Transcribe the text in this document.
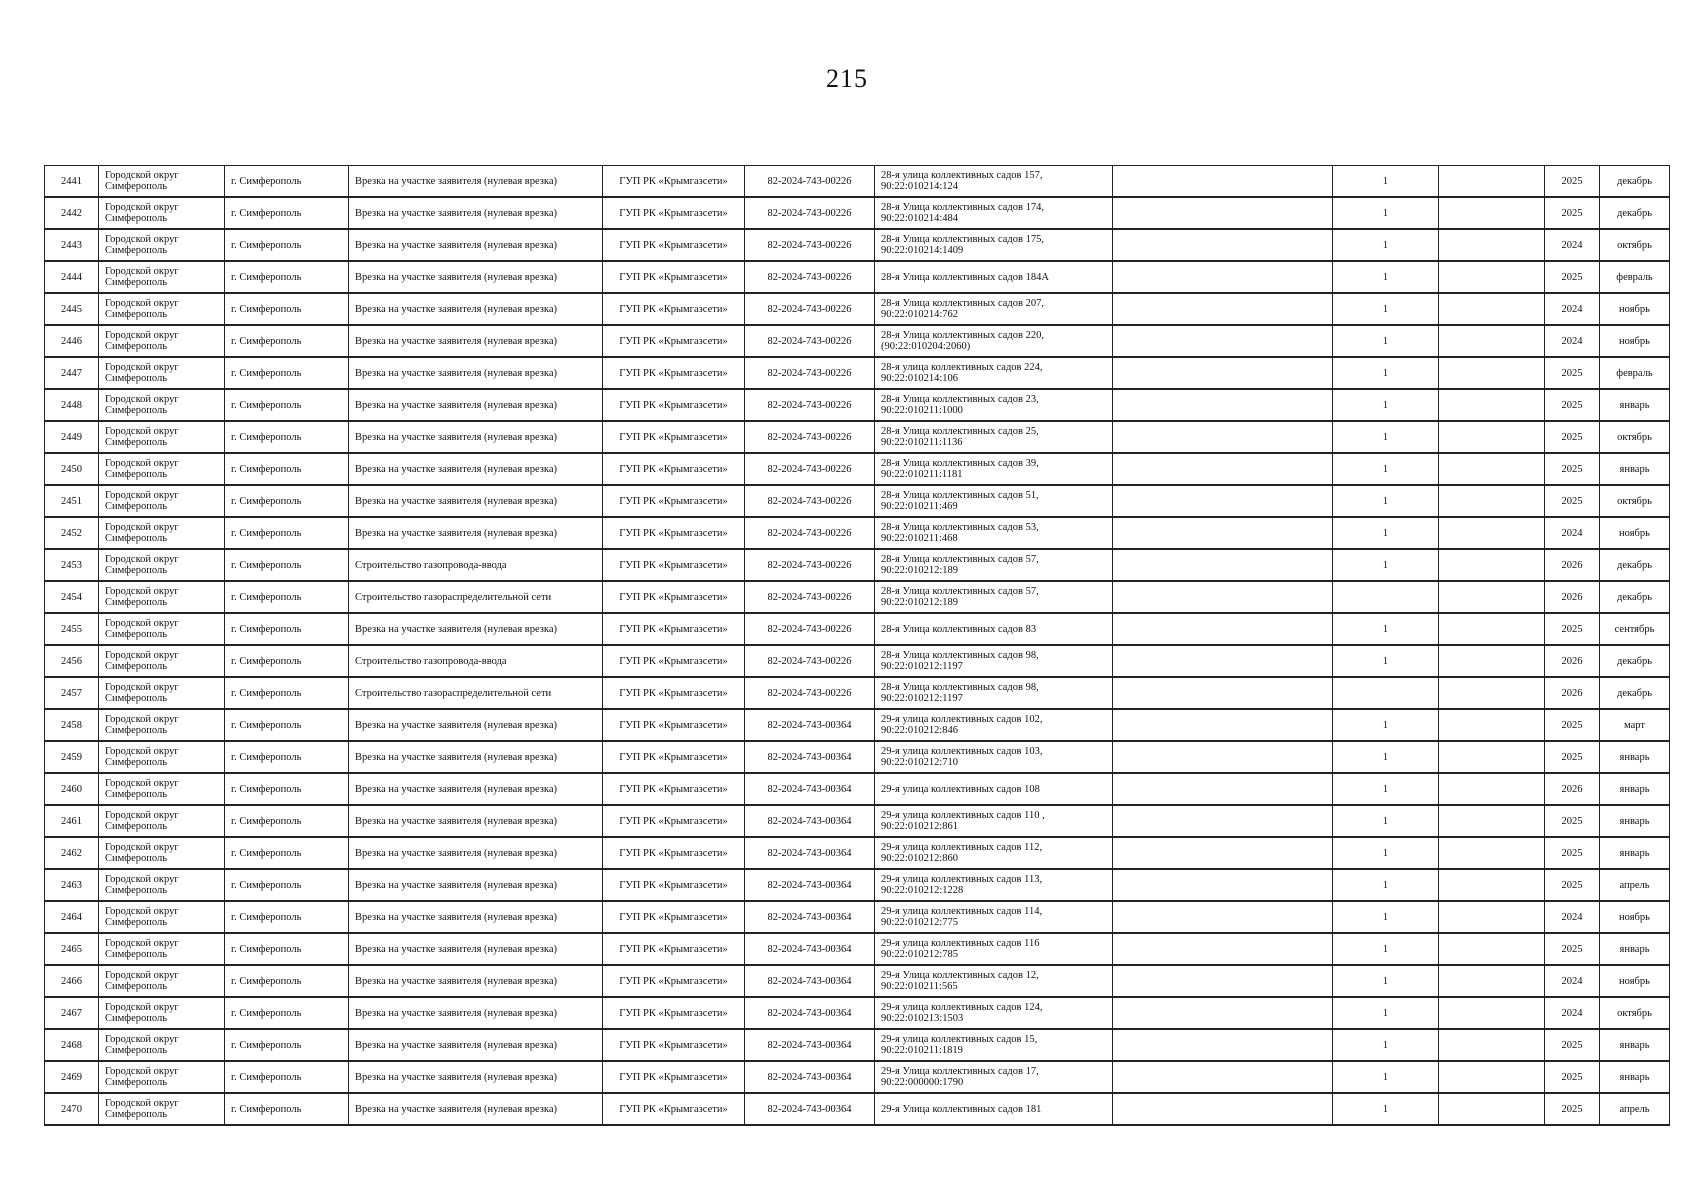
215
2441	Городской округ Симферополь	г. Симферополь	Врезка на участке заявителя (нулевая врезка)	ГУП РК «Крымгазсети»	82-2024-743-00226	28-я улица коллективных садов 157, 90:22:010214:124		1		2025	декабрь
2442	Городской округ Симферополь	г. Симферополь	Врезка на участке заявителя (нулевая врезка)	ГУП РК «Крымгазсети»	82-2024-743-00226	28-я Улица коллективных садов 174, 90:22:010214:484		1		2025	декабрь
2443	Городской округ Симферополь	г. Симферополь	Врезка на участке заявителя (нулевая врезка)	ГУП РК «Крымгазсети»	82-2024-743-00226	28-я Улица коллективных садов 175, 90:22:010214:1409		1		2024	октябрь
2444	Городской округ Симферополь	г. Симферополь	Врезка на участке заявителя (нулевая врезка)	ГУП РК «Крымгазсети»	82-2024-743-00226	28-я Улица коллективных садов 184А		1		2025	февраль
2445	Городской округ Симферополь	г. Симферополь	Врезка на участке заявителя (нулевая врезка)	ГУП РК «Крымгазсети»	82-2024-743-00226	28-я Улица коллективных садов 207, 90:22:010214:762		1		2024	ноябрь
2446	Городской округ Симферополь	г. Симферополь	Врезка на участке заявителя (нулевая врезка)	ГУП РК «Крымгазсети»	82-2024-743-00226	28-я Улица коллективных садов 220, (90:22:010204:2060)		1		2024	ноябрь
2447	Городской округ Симферополь	г. Симферополь	Врезка на участке заявителя (нулевая врезка)	ГУП РК «Крымгазсети»	82-2024-743-00226	28-я улица коллективных садов 224, 90:22:010214:106		1		2025	февраль
2448	Городской округ Симферополь	г. Симферополь	Врезка на участке заявителя (нулевая врезка)	ГУП РК «Крымгазсети»	82-2024-743-00226	28-я Улица коллективных садов 23, 90:22:010211:1000		1		2025	январь
2449	Городской округ Симферополь	г. Симферополь	Врезка на участке заявителя (нулевая врезка)	ГУП РК «Крымгазсети»	82-2024-743-00226	28-я Улица коллективных садов 25, 90:22:010211:1136		1		2025	октябрь
2450	Городской округ Симферополь	г. Симферополь	Врезка на участке заявителя (нулевая врезка)	ГУП РК «Крымгазсети»	82-2024-743-00226	28-я Улица коллективных садов 39, 90:22:010211:1181		1		2025	январь
2451	Городской округ Симферополь	г. Симферополь	Врезка на участке заявителя (нулевая врезка)	ГУП РК «Крымгазсети»	82-2024-743-00226	28-я Улица коллективных садов 51, 90:22:010211:469		1		2025	октябрь
2452	Городской округ Симферополь	г. Симферополь	Врезка на участке заявителя (нулевая врезка)	ГУП РК «Крымгазсети»	82-2024-743-00226	28-я Улица коллективных садов 53, 90:22:010211:468		1		2024	ноябрь
2453	Городской округ Симферополь	г. Симферополь	Строительство газопровода-ввода	ГУП РК «Крымгазсети»	82-2024-743-00226	28-я Улица коллективных садов 57, 90:22:010212:189		1		2026	декабрь
2454	Городской округ Симферополь	г. Симферополь	Строительство газораспределительной сети	ГУП РК «Крымгазсети»	82-2024-743-00226	28-я Улица коллективных садов 57, 90:22:010212:189				2026	декабрь
2455	Городской округ Симферополь	г. Симферополь	Врезка на участке заявителя (нулевая врезка)	ГУП РК «Крымгазсети»	82-2024-743-00226	28-я Улица коллективных садов 83		1		2025	сентябрь
2456	Городской округ Симферополь	г. Симферополь	Строительство газопровода-ввода	ГУП РК «Крымгазсети»	82-2024-743-00226	28-я Улица коллективных садов 98, 90:22:010212:1197		1		2026	декабрь
2457	Городской округ Симферополь	г. Симферополь	Строительство газораспределительной сети	ГУП РК «Крымгазсети»	82-2024-743-00226	28-я Улица коллективных садов 98, 90:22:010212:1197				2026	декабрь
2458	Городской округ Симферополь	г. Симферополь	Врезка на участке заявителя (нулевая врезка)	ГУП РК «Крымгазсети»	82-2024-743-00364	29-я улица коллективных садов 102, 90:22:010212:846		1		2025	март
2459	Городской округ Симферополь	г. Симферополь	Врезка на участке заявителя (нулевая врезка)	ГУП РК «Крымгазсети»	82-2024-743-00364	29-я улица коллективных садов 103, 90:22:010212:710		1		2025	январь
2460	Городской округ Симферополь	г. Симферополь	Врезка на участке заявителя (нулевая врезка)	ГУП РК «Крымгазсети»	82-2024-743-00364	29-я улица коллективных садов 108		1		2026	январь
2461	Городской округ Симферополь	г. Симферополь	Врезка на участке заявителя (нулевая врезка)	ГУП РК «Крымгазсети»	82-2024-743-00364	29-я улица коллективных садов 110 , 90:22:010212:861		1		2025	январь
2462	Городской округ Симферополь	г. Симферополь	Врезка на участке заявителя (нулевая врезка)	ГУП РК «Крымгазсети»	82-2024-743-00364	29-я улица коллективных садов 112, 90:22:010212:860		1		2025	январь
2463	Городской округ Симферополь	г. Симферополь	Врезка на участке заявителя (нулевая врезка)	ГУП РК «Крымгазсети»	82-2024-743-00364	29-я улица коллективных садов 113, 90:22:010212:1228		1		2025	апрель
2464	Городской округ Симферополь	г. Симферополь	Врезка на участке заявителя (нулевая врезка)	ГУП РК «Крымгазсети»	82-2024-743-00364	29-я улица коллективных садов 114, 90:22:010212:775		1		2024	ноябрь
2465	Городской округ Симферополь	г. Симферополь	Врезка на участке заявителя (нулевая врезка)	ГУП РК «Крымгазсети»	82-2024-743-00364	29-я улица коллективных садов 116 90:22:010212:785		1		2025	январь
2466	Городской округ Симферополь	г. Симферополь	Врезка на участке заявителя (нулевая врезка)	ГУП РК «Крымгазсети»	82-2024-743-00364	29-я Улица коллективных садов 12, 90:22:010211:565		1		2024	ноябрь
2467	Городской округ Симферополь	г. Симферополь	Врезка на участке заявителя (нулевая врезка)	ГУП РК «Крымгазсети»	82-2024-743-00364	29-я улица коллективных садов 124, 90:22:010213:1503		1		2024	октябрь
2468	Городской округ Симферополь	г. Симферополь	Врезка на участке заявителя (нулевая врезка)	ГУП РК «Крымгазсети»	82-2024-743-00364	29-я улица коллективных садов 15, 90:22:010211:1819		1		2025	январь
2469	Городской округ Симферополь	г. Симферополь	Врезка на участке заявителя (нулевая врезка)	ГУП РК «Крымгазсети»	82-2024-743-00364	29-я Улица коллективных садов 17, 90:22:000000:1790		1		2025	январь
2470	Городской округ Симферополь	г. Симферополь	Врезка на участке заявителя (нулевая врезка)	ГУП РК «Крымгазсети»	82-2024-743-00364	29-я Улица коллективных садов 181		1		2025	апрель
